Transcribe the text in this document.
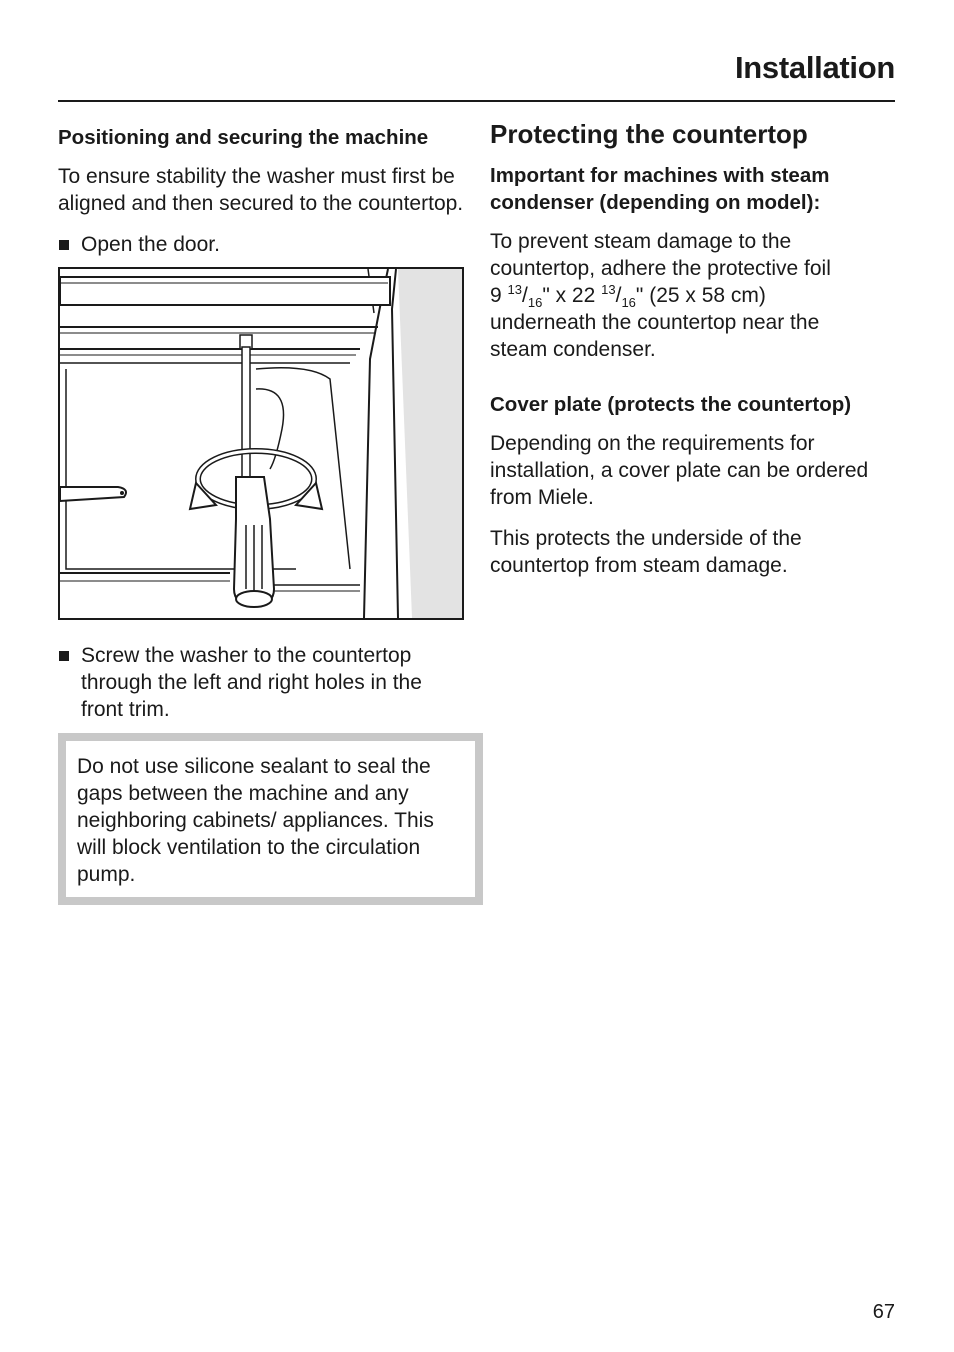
Installation

Positioning and securing the machine

To ensure stability the washer must first be aligned and then secured to the countertop.

Open the door.
Screw the washer to the countertop through the left and right holes in the front trim.

Do not use silicone sealant to seal the gaps between the machine and any neighboring cabinets/ appliances. This will block ventilation to the circulation pump.

Protecting the countertop

Important for machines with steam condenser (depending on model):

To prevent steam damage to the
countertop, adhere the protective foil
9 $^{13}/_{16}$" x 22 $^{13}/_{16}$" (25 x 58 cm)
underneath the countertop near the
steam condenser.

Cover plate (protects the countertop)

Depending on the requirements for installation, a cover plate can be ordered from Miele.

This protects the underside of the countertop from steam damage.

67
